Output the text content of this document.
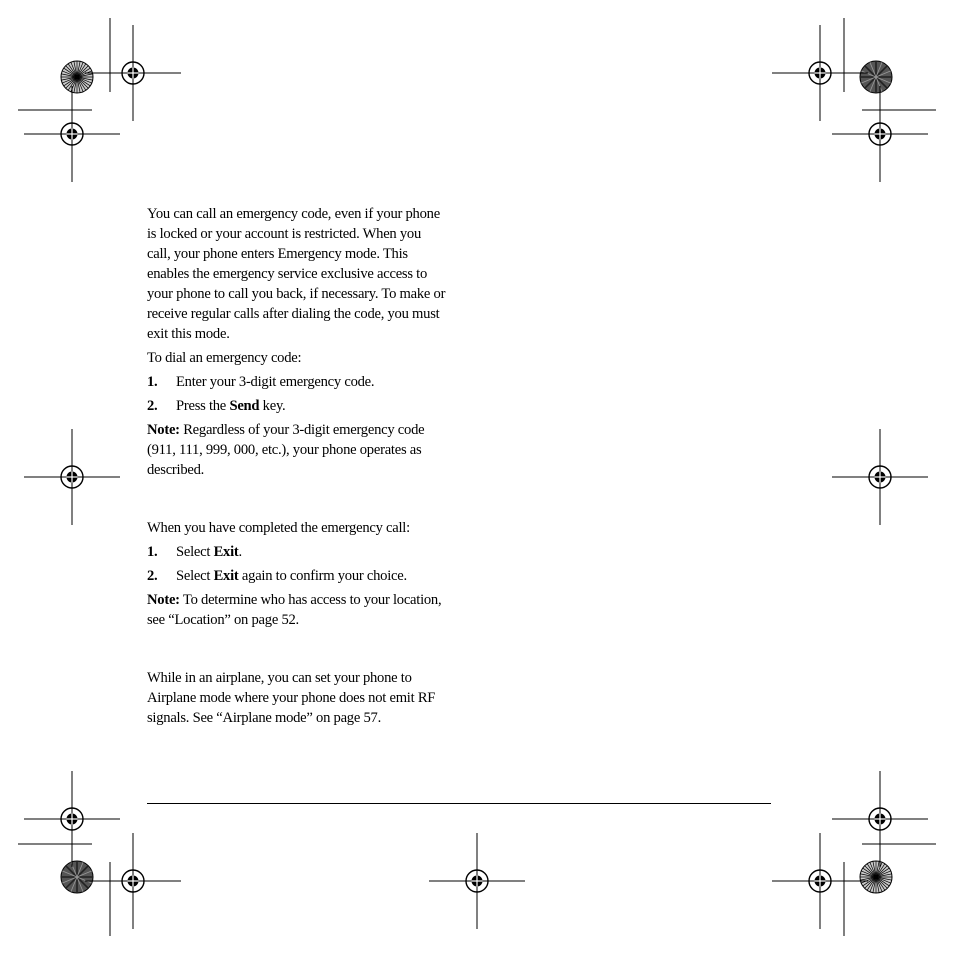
You can call an emergency code, even if your phone is locked or your account is restricted. When you call, your phone enters Emergency mode. This enables the emergency service exclusive access to your phone to call you back, if necessary. To make or receive regular calls after dialing the code, you must exit this mode.

To dial an emergency code:

1.	Enter your 3-digit emergency code.
2.	Press the Send key.

Note: Regardless of your 3-digit emergency code (911, 111, 999, 000, etc.), your phone operates as described.

When you have completed the emergency call:

1.	Select Exit.
2.	Select Exit again to confirm your choice.

Note: To determine who has access to your location, see “Location” on page 52.

While in an airplane, you can set your phone to Airplane mode where your phone does not emit RF signals. See “Airplane mode” on page 57.
